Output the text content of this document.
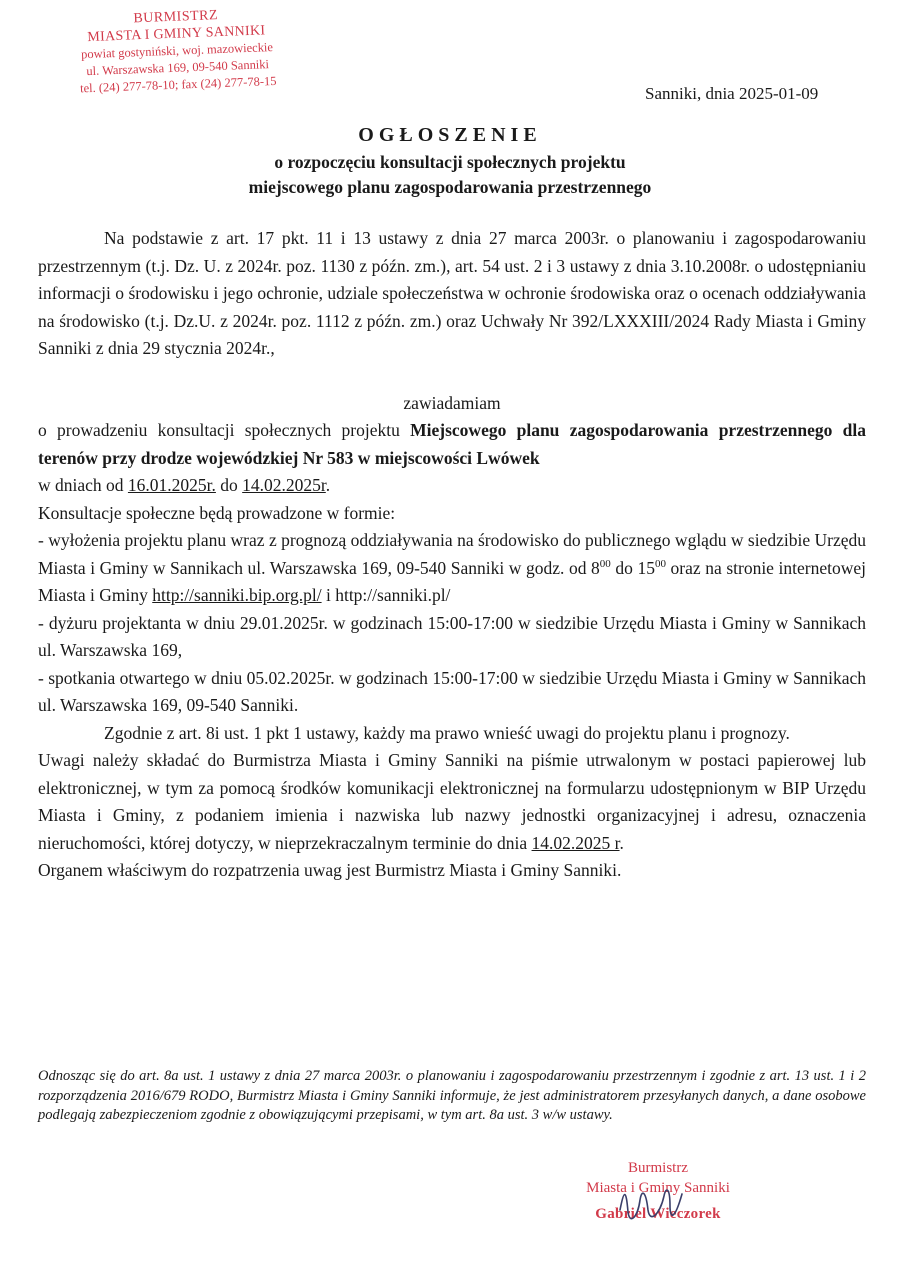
BURMISTRZ
MIASTA I GMINY SANNIKI
powiat gostyniński, woj. mazowieckie
ul. Warszawska 169, 09-540 Sanniki
tel. (24) 277-78-10; fax (24) 277-78-15	Sanniki, dnia 2025-01-09
OGŁOSZENIE
o rozpoczęciu konsultacji społecznych projektu
miejscowego planu zagospodarowania przestrzennego

Na podstawie z art. 17 pkt. 11 i 13 ustawy z dnia 27 marca 2003r. o planowaniu i zagospodarowaniu przestrzennym (t.j. Dz. U. z 2024r. poz. 1130 z późn. zm.), art. 54 ust. 2 i 3 ustawy z dnia 3.10.2008r. o udostępnianiu informacji o środowisku i jego ochronie, udziale społeczeństwa w ochronie środowiska oraz o ocenach oddziaływania na środowisko (t.j. Dz.U. z 2024r. poz. 1112 z późn. zm.) oraz Uchwały Nr 392/LXXXIII/2024 Rady Miasta i Gminy Sanniki z dnia 29 stycznia 2024r.,

zawiadamiam

o prowadzeniu konsultacji społecznych projektu Miejscowego planu zagospodarowania przestrzennego dla terenów przy drodze wojewódzkiej Nr 583 w miejscowości Lwówek
w dniach od 16.01.2025r. do 14.02.2025r.

Konsultacje społeczne będą prowadzone w formie:

- wyłożenia projektu planu wraz z prognozą oddziaływania na środowisko do publicznego wglądu w siedzibie Urzędu Miasta i Gminy w Sannikach ul. Warszawska 169, 09-540 Sanniki w godz. od $8^{00}$ do $15^{00}$ oraz na stronie internetowej Miasta i Gminy http://sanniki.bip.org.pl/ i http://sanniki.pl/

- dyżuru projektanta w dniu 29.01.2025r. w godzinach 15:00-17:00 w siedzibie Urzędu Miasta i Gminy w Sannikach ul. Warszawska 169,

- spotkania otwartego w dniu 05.02.2025r. w godzinach 15:00-17:00 w siedzibie Urzędu Miasta i Gminy w Sannikach ul. Warszawska 169, 09-540 Sanniki.

Zgodnie z art. 8i ust. 1 pkt 1 ustawy, każdy ma prawo wnieść uwagi do projektu planu i prognozy.

Uwagi należy składać do Burmistrza Miasta i Gminy Sanniki na piśmie utrwalonym w postaci papierowej lub elektronicznej, w tym za pomocą środków komunikacji elektronicznej na formularzu udostępnionym w BIP Urzędu Miasta i Gminy, z podaniem imienia i nazwiska lub nazwy jednostki organizacyjnej i adresu, oznaczenia nieruchomości, której dotyczy, w nieprzekraczalnym terminie do dnia 14.02.2025 r.

Organem właściwym do rozpatrzenia uwag jest Burmistrz Miasta i Gminy Sanniki.

Odnosząc się do art. 8a ust. 1 ustawy z dnia 27 marca 2003r. o planowaniu i zagospodarowaniu przestrzennym i zgodnie z art. 13 ust. 1 i 2 rozporządzenia 2016/679 RODO, Burmistrz Miasta i Gminy Sanniki informuje, że jest administratorem przesyłanych danych, a dane osobowe podlegają zabezpieczeniom zgodnie z obowiązującymi przepisami, w tym art. 8a ust. 3 w/w ustawy.
Burmistrz
Miasta i Gminy Sanniki
Gabriel Wieczorek
